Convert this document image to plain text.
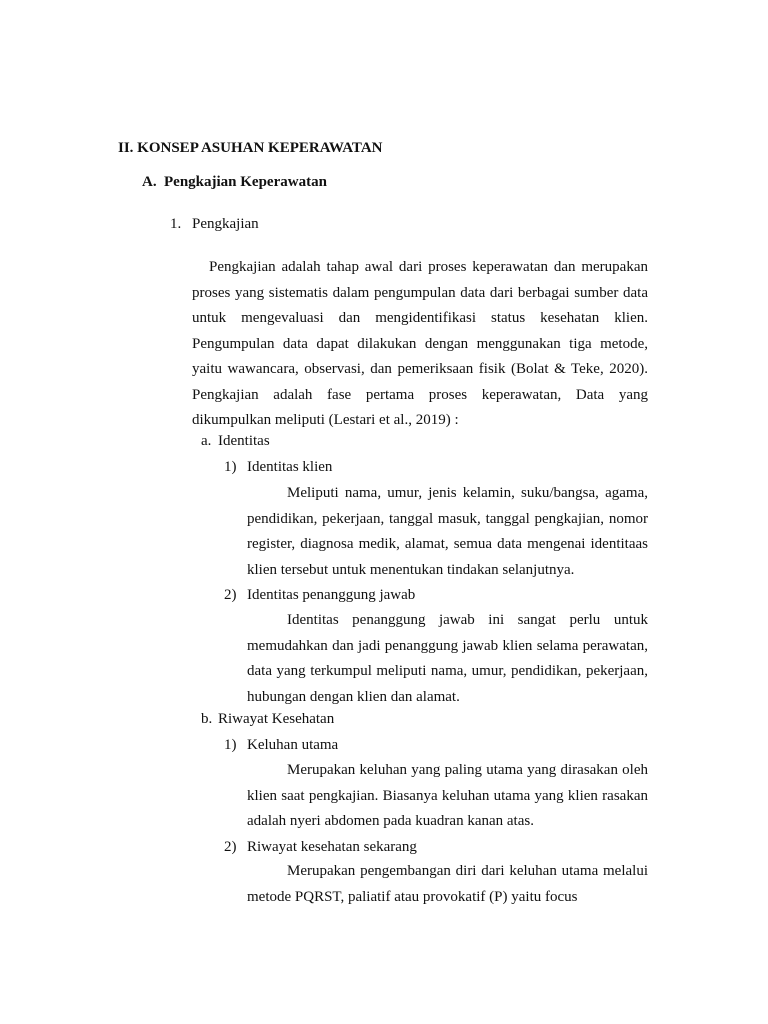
II. KONSEP ASUHAN KEPERAWATAN
A. Pengkajian Keperawatan
1. Pengkajian
Pengkajian adalah tahap awal dari proses keperawatan dan merupakan proses yang sistematis dalam pengumpulan data dari berbagai sumber data untuk mengevaluasi dan mengidentifikasi status kesehatan klien. Pengumpulan data dapat dilakukan dengan menggunakan tiga metode, yaitu wawancara, observasi, dan pemeriksaan fisik (Bolat & Teke, 2020). Pengkajian adalah fase pertama proses keperawatan, Data yang dikumpulkan meliputi (Lestari et al., 2019) :
a. Identitas
1) Identitas klien
Meliputi nama, umur, jenis kelamin, suku/bangsa, agama, pendidikan, pekerjaan, tanggal masuk, tanggal pengkajian, nomor register, diagnosa medik, alamat, semua data mengenai identitaas klien tersebut untuk menentukan tindakan selanjutnya.
2) Identitas penanggung jawab
Identitas penanggung jawab ini sangat perlu untuk memudahkan dan jadi penanggung jawab klien selama perawatan, data yang terkumpul meliputi nama, umur, pendidikan, pekerjaan, hubungan dengan klien dan alamat.
b. Riwayat Kesehatan
1) Keluhan utama
Merupakan keluhan yang paling utama yang dirasakan oleh klien saat pengkajian. Biasanya keluhan utama yang klien rasakan adalah nyeri abdomen pada kuadran kanan atas.
2) Riwayat kesehatan sekarang
Merupakan pengembangan diri dari keluhan utama melalui metode PQRST, paliatif atau provokatif (P) yaitu focus
